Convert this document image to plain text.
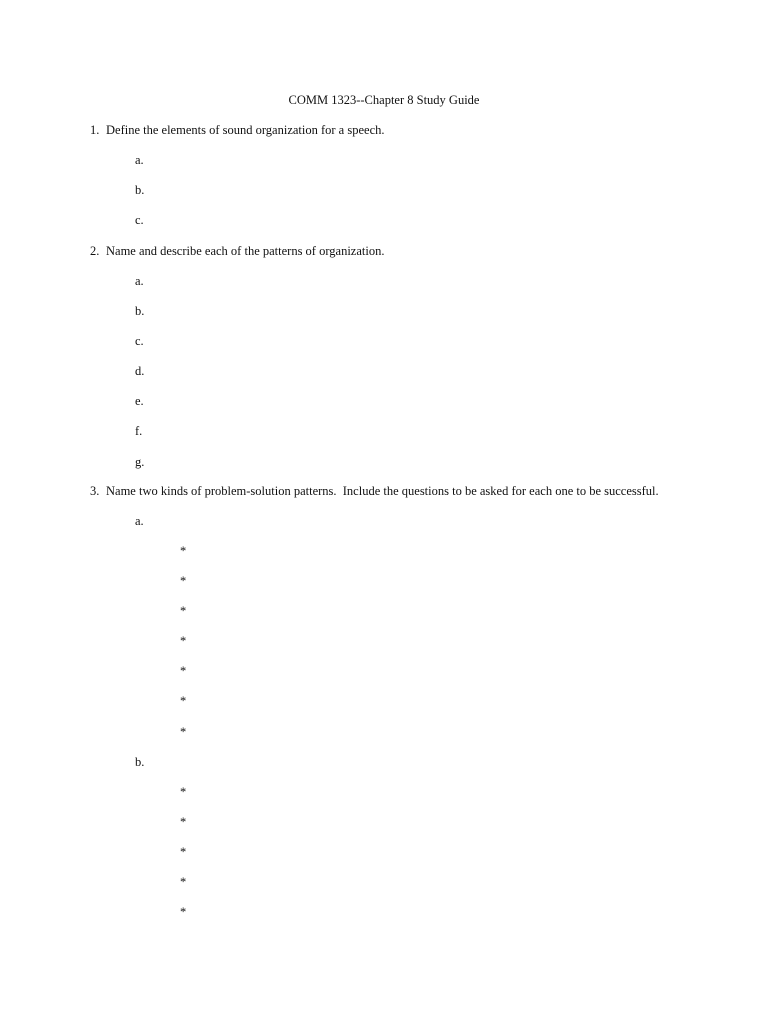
COMM 1323--Chapter 8 Study Guide
1. Define the elements of sound organization for a speech.
a.
b.
c.
2. Name and describe each of the patterns of organization.
a.
b.
c.
d.
e.
f.
g.
3. Name two kinds of problem-solution patterns.  Include the questions to be asked for each one to be successful.
a.
*
*
*
*
*
*
*
b.
*
*
*
*
*
